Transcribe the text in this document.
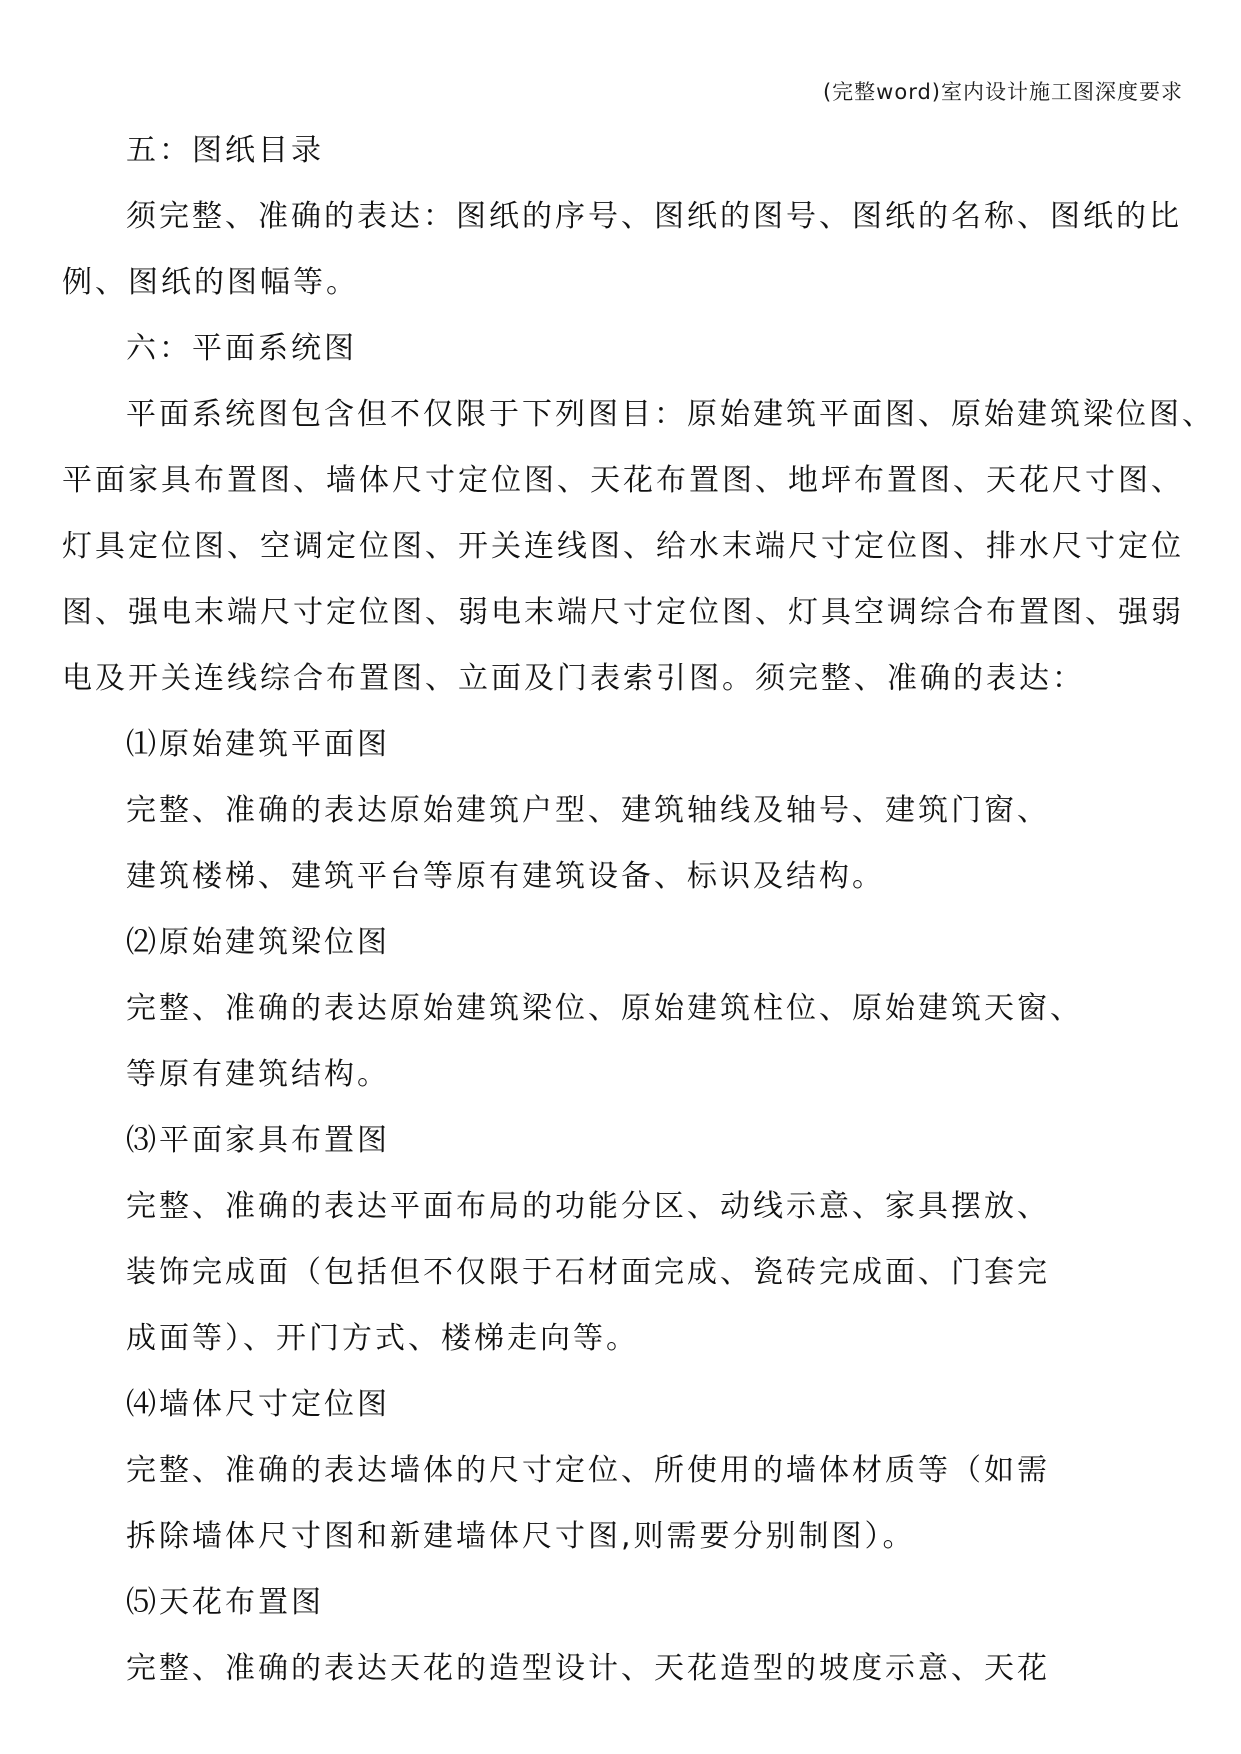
(完整word)室内设计施工图深度要求
五：图纸目录
须完整、准确的表达：图纸的序号、图纸的图号、图纸的名称、图纸的比
例、图纸的图幅等。
六：平面系统图
平面系统图包含但不仅限于下列图目：原始建筑平面图、原始建筑梁位图、
平面家具布置图、墙体尺寸定位图、天花布置图、地坪布置图、天花尺寸图、
灯具定位图、空调定位图、开关连线图、给水末端尺寸定位图、排水尺寸定位
图、强电末端尺寸定位图、弱电末端尺寸定位图、灯具空调综合布置图、强弱
电及开关连线综合布置图、立面及门表索引图。须完整、准确的表达：
⑴原始建筑平面图
完整、准确的表达原始建筑户型、建筑轴线及轴号、建筑门窗、
建筑楼梯、建筑平台等原有建筑设备、标识及结构。
⑵原始建筑梁位图
完整、准确的表达原始建筑梁位、原始建筑柱位、原始建筑天窗、
等原有建筑结构。
⑶平面家具布置图
完整、准确的表达平面布局的功能分区、动线示意、家具摆放、
装饰完成面（包括但不仅限于石材面完成、瓷砖完成面、门套完
成面等）、开门方式、楼梯走向等。
⑷墙体尺寸定位图
完整、准确的表达墙体的尺寸定位、所使用的墙体材质等（如需
拆除墙体尺寸图和新建墙体尺寸图,则需要分别制图）。
⑸天花布置图
完整、准确的表达天花的造型设计、天花造型的坡度示意、天花
